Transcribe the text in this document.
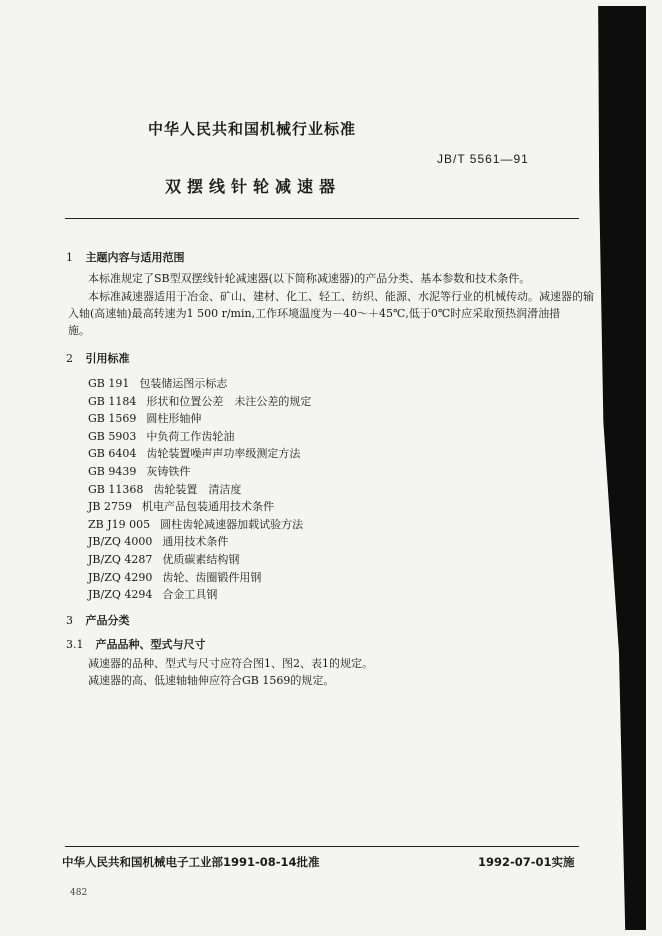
中华人民共和国机械行业标准
JB/T 5561—91
双摆线针轮减速器
1 主题内容与适用范围
本标准规定了SB型双摆线针轮减速器(以下简称减速器)的产品分类、基本参数和技术条件。
本标准减速器适用于冶金、矿山、建材、化工、轻工、纺织、能源、水泥等行业的机械传动。减速器的输
入轴(高速轴)最高转速为1 500 r/min,工作环境温度为－40～＋45℃,低于0℃时应采取预热润滑油措
施。
2 引用标准
GB 191 包装储运图示标志
GB 1184 形状和位置公差　未注公差的规定
GB 1569 圆柱形轴伸
GB 5903 中负荷工作齿轮油
GB 6404 齿轮装置噪声声功率级测定方法
GB 9439 灰铸铁件
GB 11368 齿轮装置　清洁度
JB 2759 机电产品包装通用技术条件
ZB J19 005 圆柱齿轮减速器加载试验方法
JB/ZQ 4000 通用技术条件
JB/ZQ 4287 优质碳素结构钢
JB/ZQ 4290 齿轮、齿圈锻件用钢
JB/ZQ 4294 合金工具钢
3 产品分类
3.1 产品品种、型式与尺寸
减速器的品种、型式与尺寸应符合图1、图2、表1的规定。
减速器的高、低速轴轴伸应符合GB 1569的规定。
中华人民共和国机械电子工业部1991-08-14批准	1992-07-01实施
482
